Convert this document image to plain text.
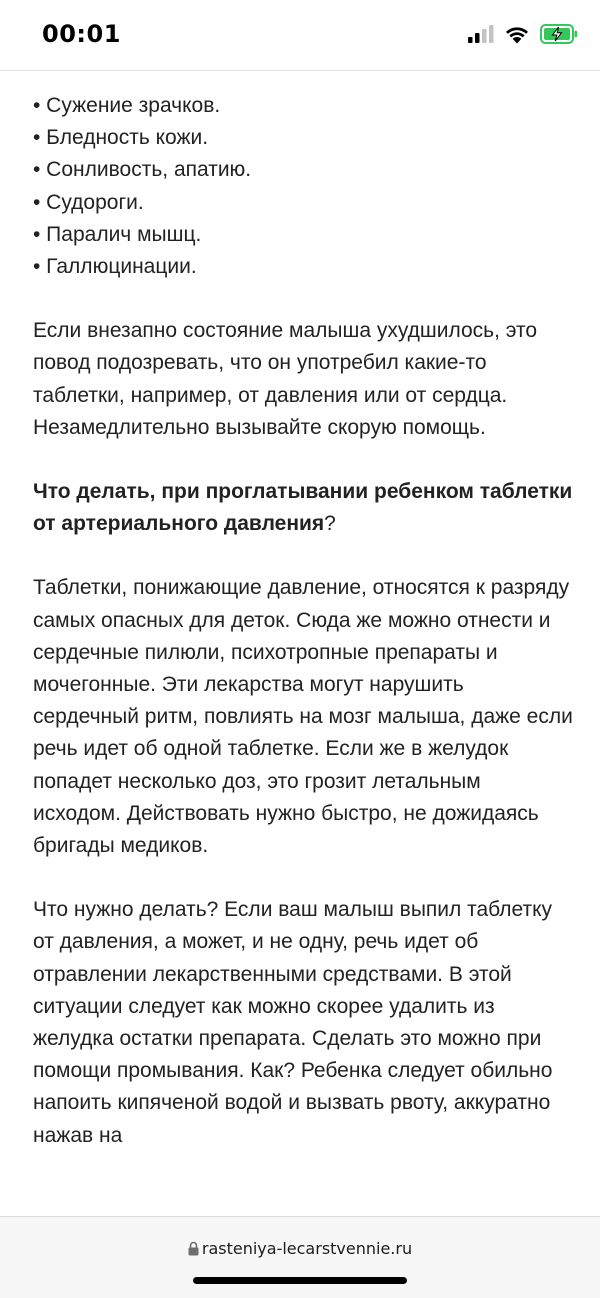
00:01
• Сужение зрачков.
• Бледность кожи.
• Сонливость, апатию.
• Судороги.
• Паралич мышц.
• Галлюцинации.

Если внезапно состояние малыша ухудшилось, это повод подозревать, что он употребил какие-то таблетки, например, от давления или от сердца. Незамедлительно вызывайте скорую помощь.

Что делать, при проглатывании ребенком таблетки от артериального давления?

Таблетки, понижающие давление, относятся к разряду самых опасных для деток. Сюда же можно отнести и сердечные пилюли, психотропные препараты и мочегонные. Эти лекарства могут нарушить сердечный ритм, повлиять на мозг малыша, даже если речь идет об одной таблетке. Если же в желудок попадет несколько доз, это грозит летальным исходом. Действовать нужно быстро, не дожидаясь бригады медиков.

Что нужно делать? Если ваш малыш выпил таблетку от давления, а может, и не одну, речь идет об отравлении лекарственными средствами. В этой ситуации следует как можно скорее удалить из желудка остатки препарата. Сделать это можно при помощи промывания. Как? Ребенка следует обильно напоить кипяченой водой и вызвать рвоту, аккуратно нажав на

rasteniya-lecarstvennie.ru
